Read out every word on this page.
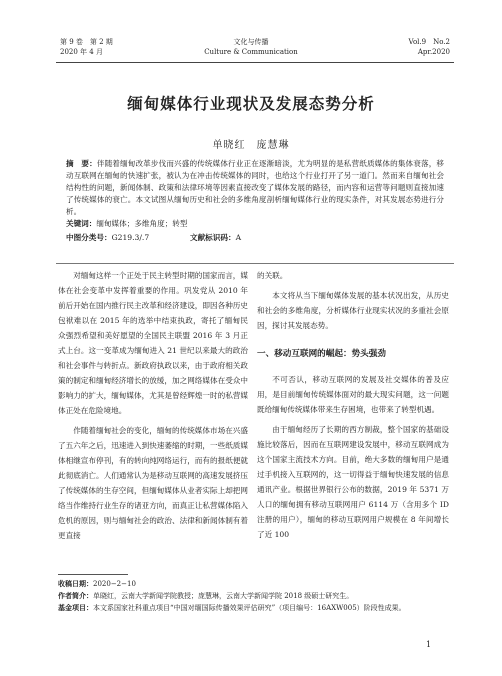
第 9 卷　第 2 期
2020 年 4 月
文化与传播
Culture & Communication
Vol.9　No.2
Apr.2020
缅甸媒体行业现状及发展态势分析
单晓红　庞慧琳
摘　要：伴随着缅甸改革步伐而兴盛的传统媒体行业正在逐渐暗淡，尤为明显的是私营纸质媒体的集体衰落，移动互联网在缅甸的快速扩张，被认为在冲击传统媒体的同时，也给这个行业打开了另一道门。然而来自缅甸社会结构性的问题，新闻体制、政策和法律环境等因素直接改变了媒体发展的路径，而内容和运营等问题则直接加速了传统媒体的衰亡。本文试图从缅甸历史和社会的多维角度剖析缅甸媒体行业的现实条件，对其发展态势进行分析。
关键词：缅甸媒体；多维角度；转型
中图分类号：G219.3/.7	文献标识码：A

对缅甸这样一个正处于民主转型时期的国家而言，媒体在社会变革中发挥着重要的作用。巩发党从 2010 年前后开始在国内推行民主改革和经济建设，即因各种历史包袱难以在 2015 年的选举中结束执政，寄托了缅甸民众强烈希望和美好愿望的全国民主联盟 2016 年 3 月正式上台。这一变革成为缅甸进入 21 世纪以来最大的政治和社会事件与转折点。新政府执政以来，由于政府相关政策的制定和缅甸经济增长的放缓，加之网络媒体在受众中影响力的扩大，缅甸媒体，尤其是曾经辉煌一时的私营媒体正处在危险境地。

作随着缅甸社会的变化，缅甸的传统媒体市场在兴盛了五六年之后，迅速进入到快速萎缩的时期，一些纸质媒体相继宣布停刊，有的转向纯网络运行，而有的报纸便就此彻底消亡。人们通常认为是移动互联网的高速发展挤压了传统媒体的生存空间，但缅甸媒体从业者实际上却把网络当作维持行业生存的诸亚方向，而真正让私营媒体陷入危机的原因，则与缅甸社会的政治、法律和新闻体制有着更直接

的关联。

本文将从当下缅甸媒体发展的基本状况出发，从历史和社会的多维角度，分析媒体行业现实状况的多重社会原因，探讨其发展态势。

一、移动互联网的崛起：势头强劲

不可否认，移动互联网的发展及社交媒体的普及应用，是目前缅甸传统媒体面对的最大现实问题，这一问题既给缅甸传统媒体带来生存困境，也带来了转型机遇。

由于缅甸经历了长期的西方制裁，整个国家的基础设施比较落后，因而在互联网建设发展中，移动互联网成为这个国家主流技术方向。目前，绝大多数的缅甸用户是通过手机接入互联网的，这一切得益于缅甸快速发展的信息通讯产业。根据世界银行公布的数据，2019 年 5371 万人口的缅甸拥有移动互联网用户 6114 万（含用多个 ID 注册的用户），缅甸的移动互联网用户规模在 8 年间增长了近 100

收稿日期： 2020−2−10
作者简介： 单晓红，云南大学新闻学院教授；庞慧琳，云南大学新闻学院 2018 级硕士研究生。
基金项目： 本文系国家社科重点项目“中国对缅国际传播效果评估研究”（项目编号：16AXW005）阶段性成果。
1
